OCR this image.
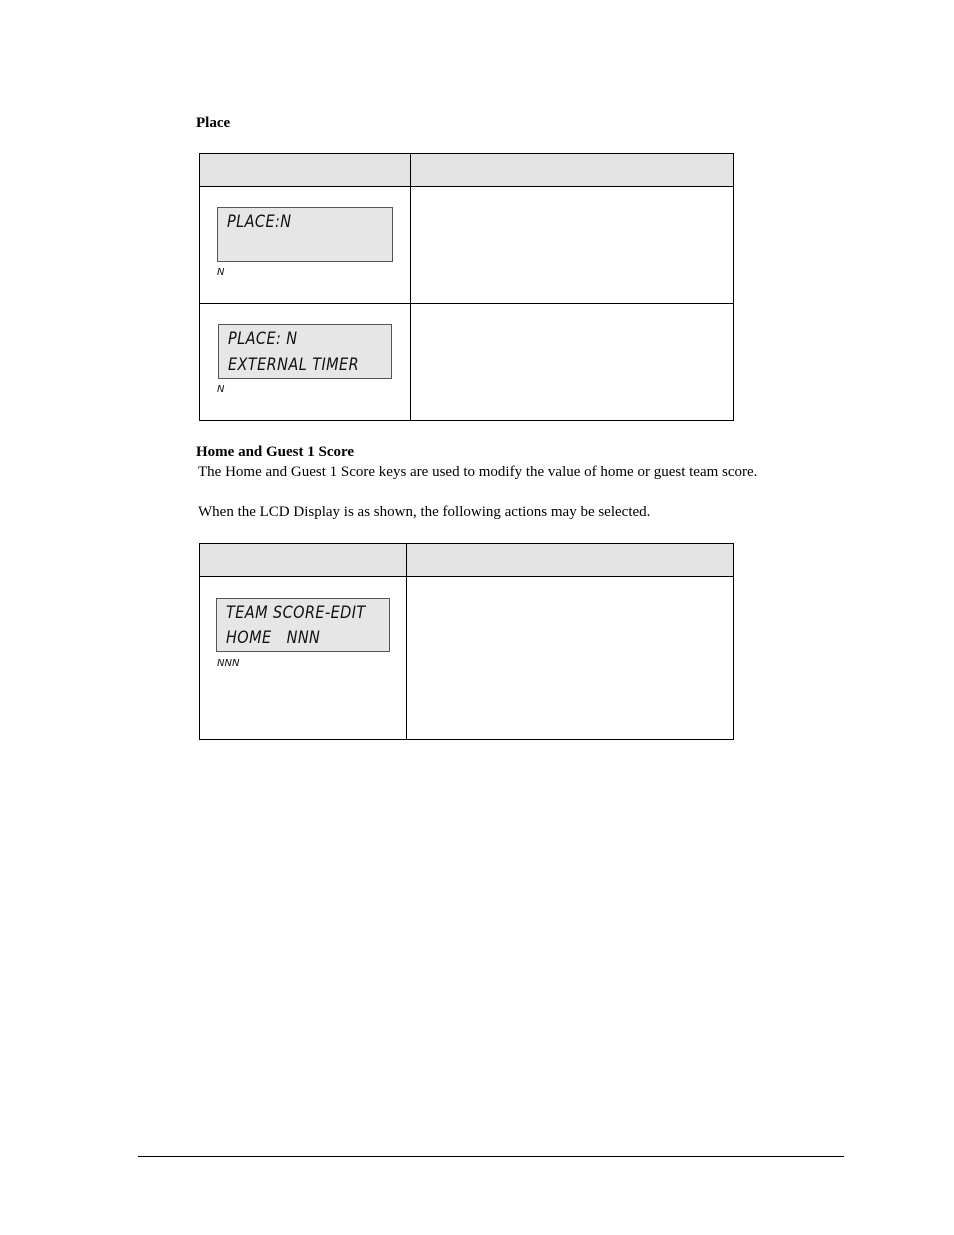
Place

PLACE:N
N	

PLACE: N
EXTERNAL TIMER
N	

Home and Guest 1 Score
The Home and Guest 1 Score keys are used to modify the value of home or guest team score.
When the LCD Display is as shown, the following actions may be selected.

TEAM SCORE-EDIT
HOME   NNN
NNN	
